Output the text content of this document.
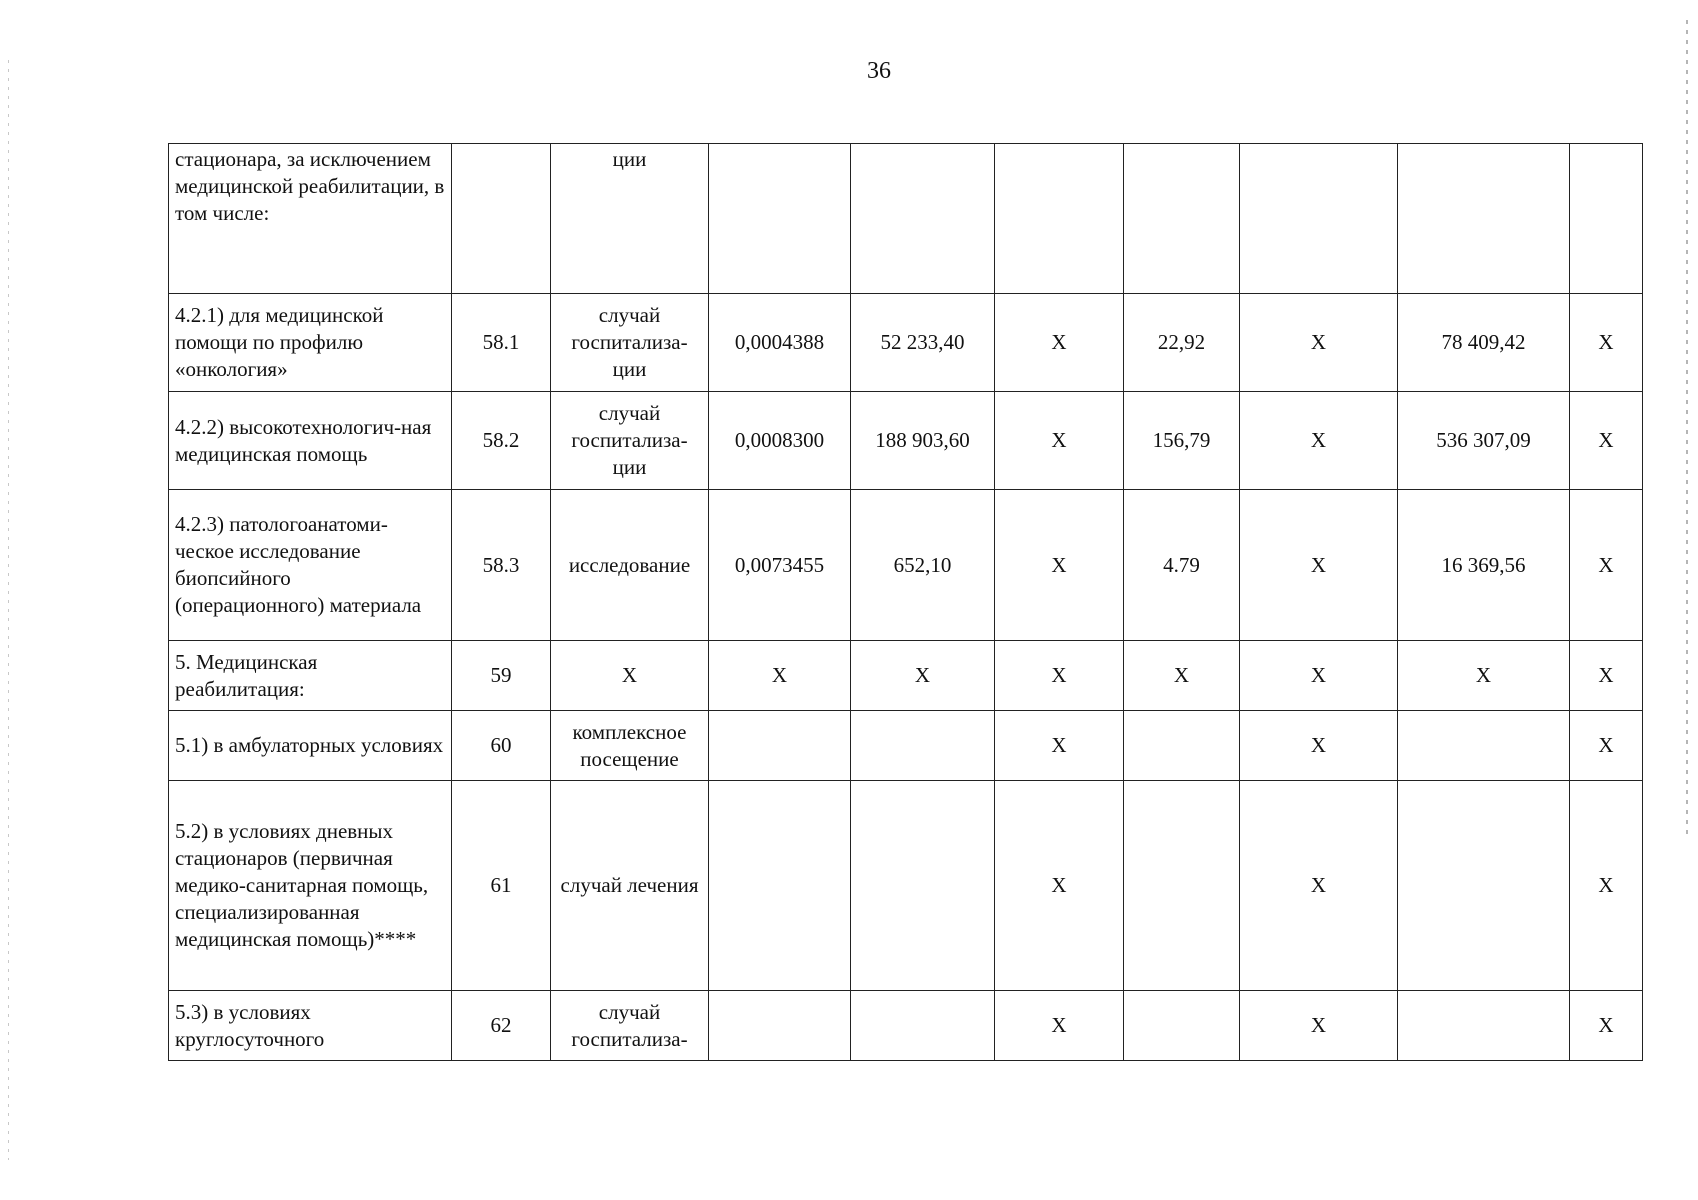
36
стационара, за исключением медицинской реабилитации, в том числе:		ции							
4.2.1) для медицинской помощи по профилю «онкология»	58.1	случай госпитализа-ции	0,0004388	52 233,40	Х	22,92	Х	78 409,42	Х
4.2.2) высокотехнологич-ная медицинская помощь	58.2	случай госпитализа-ции	0,0008300	188 903,60	Х	156,79	Х	536 307,09	Х
4.2.3) патологоанатоми-ческое исследование биопсийного (операционного) материала	58.3	исследование	0,0073455	652,10	Х	4.79	Х	16 369,56	Х
5. Медицинская реабилитация:	59	Х	Х	Х	Х	Х	Х	Х	Х
5.1) в амбулаторных условиях	60	комплексное посещение			Х		Х		Х
5.2) в условиях дневных стационаров (первичная медико-санитарная помощь, специализированная медицинская помощь)****	61	случай лечения			Х		Х		Х
5.3) в условиях круглосуточного	62	случай госпитализа-			Х		Х		Х
